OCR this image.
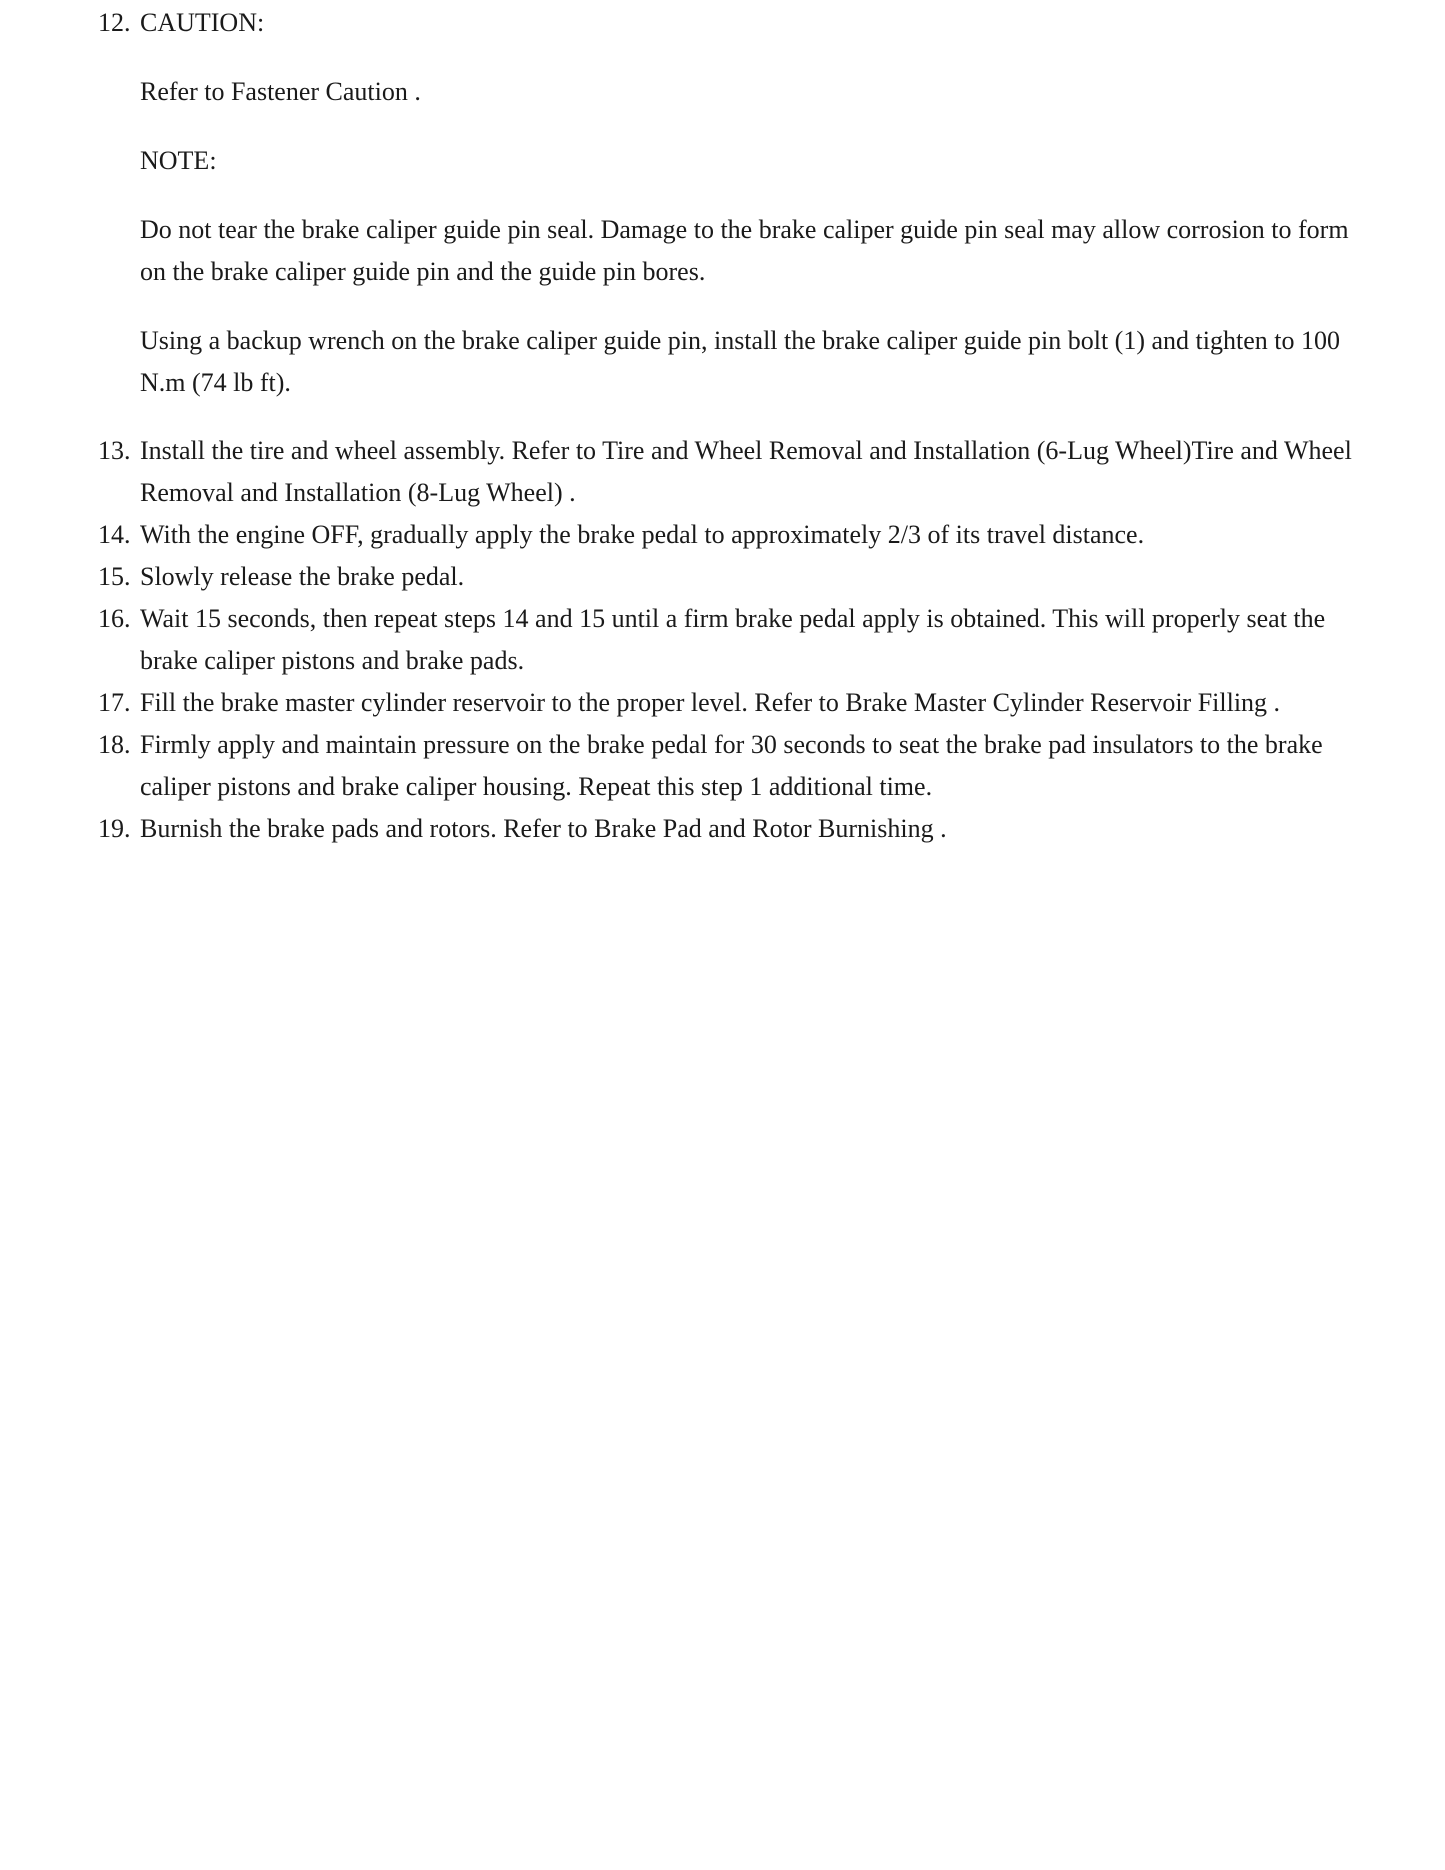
12. CAUTION:

Refer to Fastener Caution .

NOTE:

Do not tear the brake caliper guide pin seal. Damage to the brake caliper guide pin seal may allow corrosion to form on the brake caliper guide pin and the guide pin bores.

Using a backup wrench on the brake caliper guide pin, install the brake caliper guide pin bolt (1) and tighten to 100 N.m (74 lb ft).

13. Install the tire and wheel assembly. Refer to Tire and Wheel Removal and Installation (6-Lug Wheel)Tire and Wheel Removal and Installation (8-Lug Wheel) .
14. With the engine OFF, gradually apply the brake pedal to approximately 2/3 of its travel distance.
15. Slowly release the brake pedal.
16. Wait 15 seconds, then repeat steps 14 and 15 until a firm brake pedal apply is obtained. This will properly seat the brake caliper pistons and brake pads.
17. Fill the brake master cylinder reservoir to the proper level. Refer to Brake Master Cylinder Reservoir Filling .
18. Firmly apply and maintain pressure on the brake pedal for 30 seconds to seat the brake pad insulators to the brake caliper pistons and brake caliper housing. Repeat this step 1 additional time.
19. Burnish the brake pads and rotors. Refer to Brake Pad and Rotor Burnishing .
